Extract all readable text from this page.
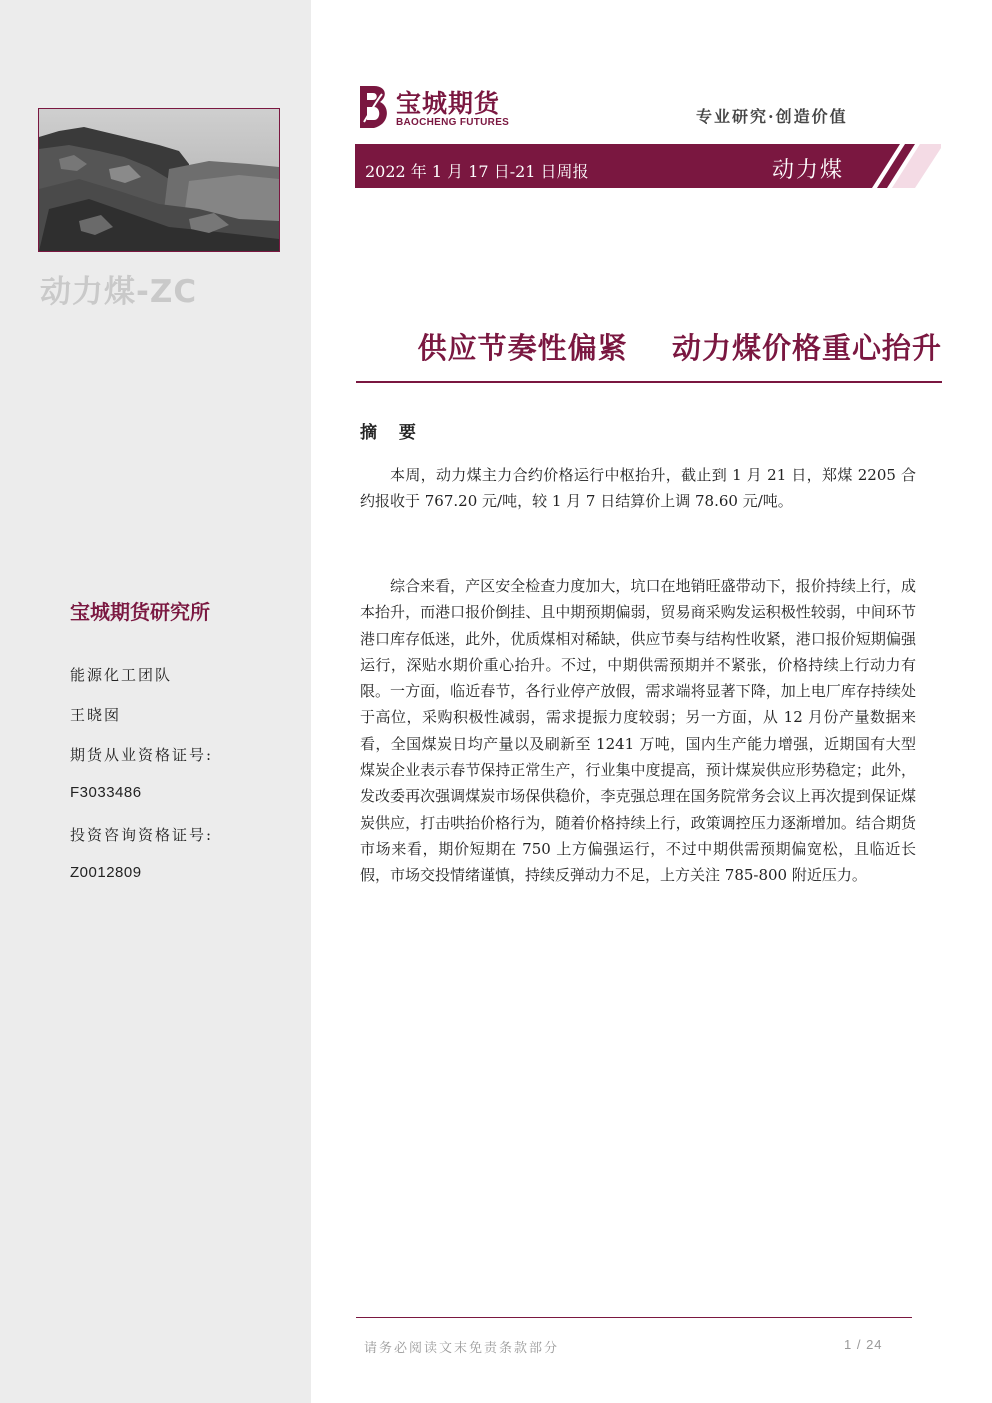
动力煤-ZC
宝城期货研究所
能源化工团队
王晓囡
期货从业资格证号:
F3033486
投资咨询资格证号:
Z0012809
宝城期货
BAOCHENG FUTURES	专业研究·创造价值
2022 年 1 月 17 日-21 日周报	动力煤
供应节奏性偏紧    动力煤价格重心抬升
摘 要
本周，动力煤主力合约价格运行中枢抬升，截止到 1 月 21 日，郑煤 2205 合约报收于 767.20 元/吨，较 1 月 7 日结算价上调 78.60 元/吨。
综合来看，产区安全检查力度加大，坑口在地销旺盛带动下，报价持续上行，成本抬升，而港口报价倒挂、且中期预期偏弱，贸易商采购发运积极性较弱，中间环节港口库存低迷，此外，优质煤相对稀缺，供应节奏与结构性收紧，港口报价短期偏强运行，深贴水期价重心抬升。不过，中期供需预期并不紧张，价格持续上行动力有限。一方面，临近春节，各行业停产放假，需求端将显著下降，加上电厂库存持续处于高位，采购积极性减弱，需求提振力度较弱；另一方面，从 12 月份产量数据来看，全国煤炭日均产量以及刷新至 1241 万吨，国内生产能力增强，近期国有大型煤炭企业表示春节保持正常生产，行业集中度提高，预计煤炭供应形势稳定；此外，发改委再次强调煤炭市场保供稳价，李克强总理在国务院常务会议上再次提到保证煤炭供应，打击哄抬价格行为，随着价格持续上行，政策调控压力逐渐增加。结合期货市场来看，期价短期在 750 上方偏强运行，不过中期供需预期偏宽松，且临近长假，市场交投情绪谨慎，持续反弹动力不足，上方关注 785-800 附近压力。
请务必阅读文末免责条款部分	1 / 24
